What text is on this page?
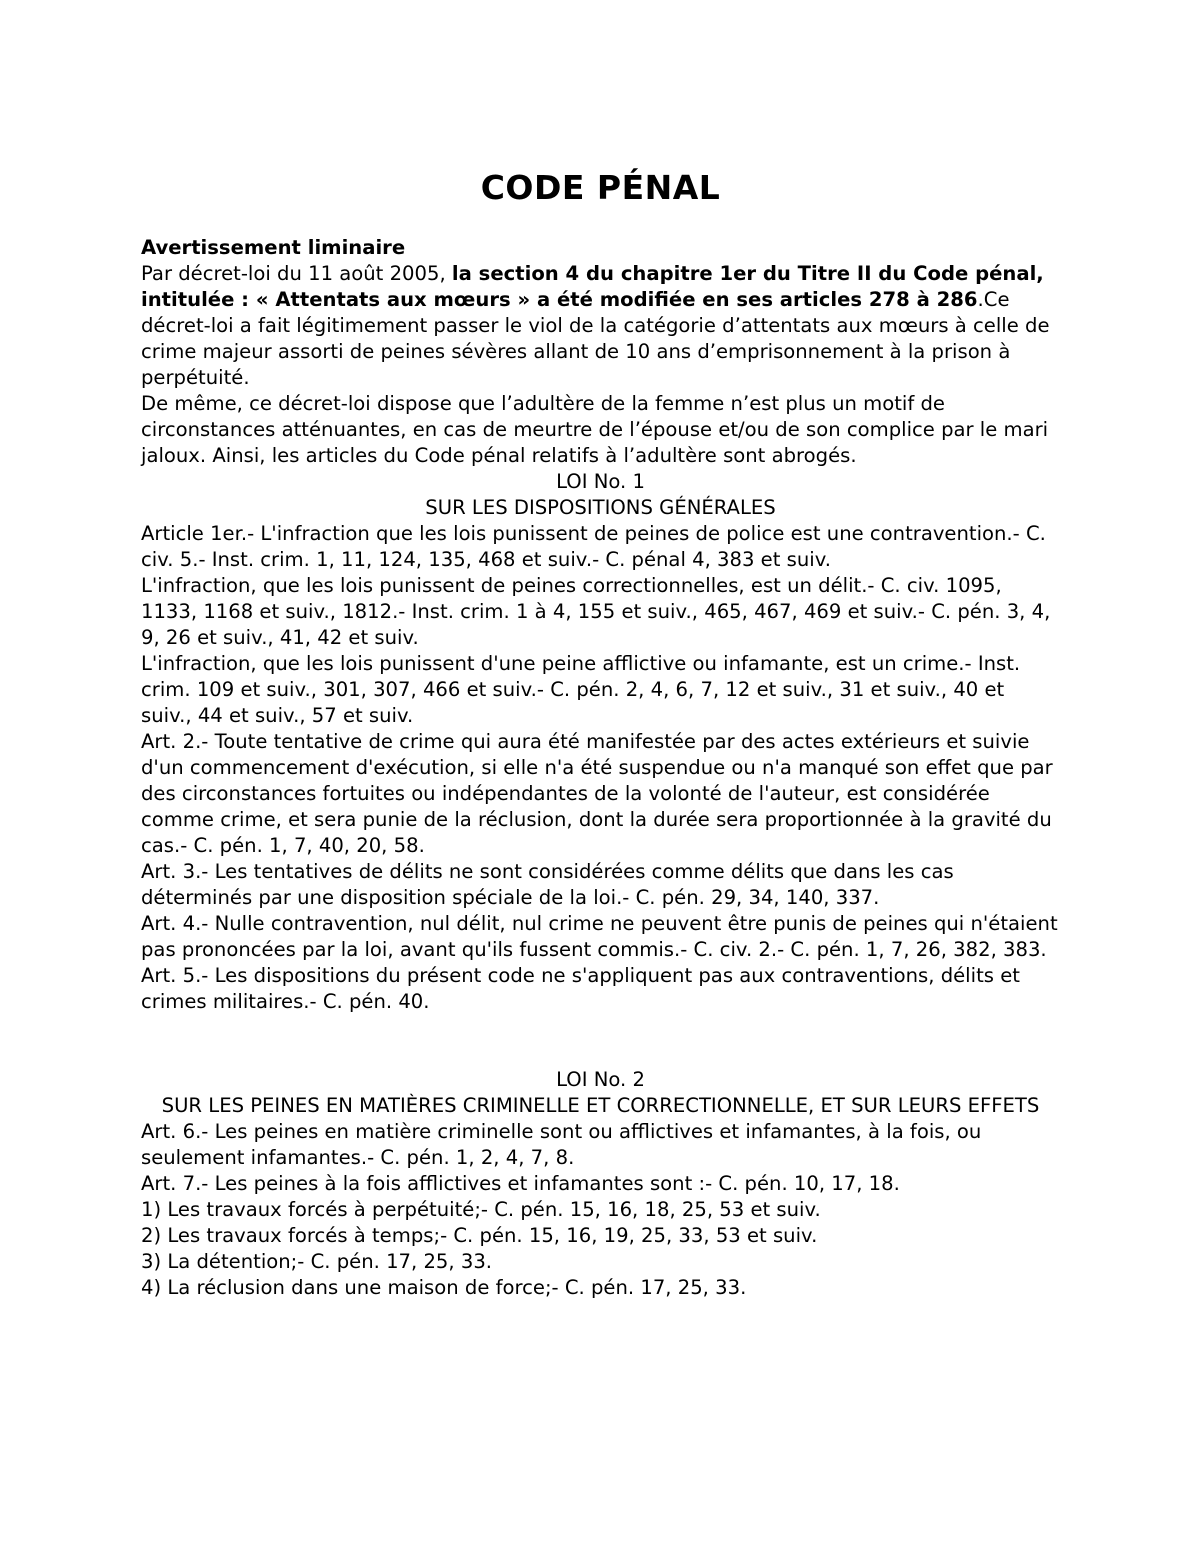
CODE PÉNAL

Avertissement liminaire

Par décret-loi du 11 août 2005, la section 4 du chapitre 1er du Titre II du Code pénal, intitulée : « Attentats aux mœurs » a été modifiée en ses articles 278 à 286.Ce décret-loi a fait légitimement passer le viol de la catégorie d’attentats aux mœurs à celle de crime majeur assorti de peines sévères allant de 10 ans d’emprisonnement à la prison à perpétuité.

De même, ce décret-loi dispose que l’adultère de la femme n’est plus un motif de circonstances atténuantes, en cas de meurtre de l’épouse et/ou de son complice par le mari jaloux. Ainsi, les articles du Code pénal relatifs à l’adultère sont abrogés.

LOI No. 1

SUR LES DISPOSITIONS GÉNÉRALES

Article 1er.- L'infraction que les lois punissent de peines de police est une contravention.- C. civ. 5.- Inst. crim. 1, 11, 124, 135, 468 et suiv.- C. pénal 4, 383 et suiv.

L'infraction, que les lois punissent de peines correctionnelles, est un délit.- C. civ. 1095, 1133, 1168 et suiv., 1812.- Inst. crim. 1 à 4, 155 et suiv., 465, 467, 469 et suiv.- C. pén. 3, 4, 9, 26 et suiv., 41, 42 et suiv.

L'infraction, que les lois punissent d'une peine afflictive ou infamante, est un crime.- Inst. crim. 109 et suiv., 301, 307, 466 et suiv.- C. pén. 2, 4, 6, 7, 12 et suiv., 31 et suiv., 40 et suiv., 44 et suiv., 57 et suiv.

Art. 2.- Toute tentative de crime qui aura été manifestée par des actes extérieurs et suivie d'un commencement d'exécution, si elle n'a été suspendue ou n'a manqué son effet que par des circonstances fortuites ou indépendantes de la volonté de l'auteur, est considérée comme crime, et sera punie de la réclusion, dont la durée sera proportionnée à la gravité du cas.- C. pén. 1, 7, 40, 20, 58.

Art. 3.- Les tentatives de délits ne sont considérées comme délits que dans les cas déterminés par une disposition spéciale de la loi.- C. pén. 29, 34, 140, 337.

Art. 4.- Nulle contravention, nul délit, nul crime ne peuvent être punis de peines qui n'étaient pas prononcées par la loi, avant qu'ils fussent commis.- C. civ. 2.- C. pén. 1, 7, 26, 382, 383.

Art. 5.- Les dispositions du présent code ne s'appliquent pas aux contraventions, délits et crimes militaires.- C. pén. 40.

LOI No. 2

SUR LES PEINES EN MATIÈRES CRIMINELLE ET CORRECTIONNELLE, ET SUR LEURS EFFETS

Art. 6.- Les peines en matière criminelle sont ou afflictives et infamantes, à la fois, ou seulement infamantes.- C. pén. 1, 2, 4, 7, 8.

Art. 7.- Les peines à la fois afflictives et infamantes sont :- C. pén. 10, 17, 18.

1) Les travaux forcés à perpétuité;- C. pén. 15, 16, 18, 25, 53 et suiv.

2) Les travaux forcés à temps;- C. pén. 15, 16, 19, 25, 33, 53 et suiv.

3) La détention;- C. pén. 17, 25, 33.

4) La réclusion dans une maison de force;- C. pén. 17, 25, 33.
